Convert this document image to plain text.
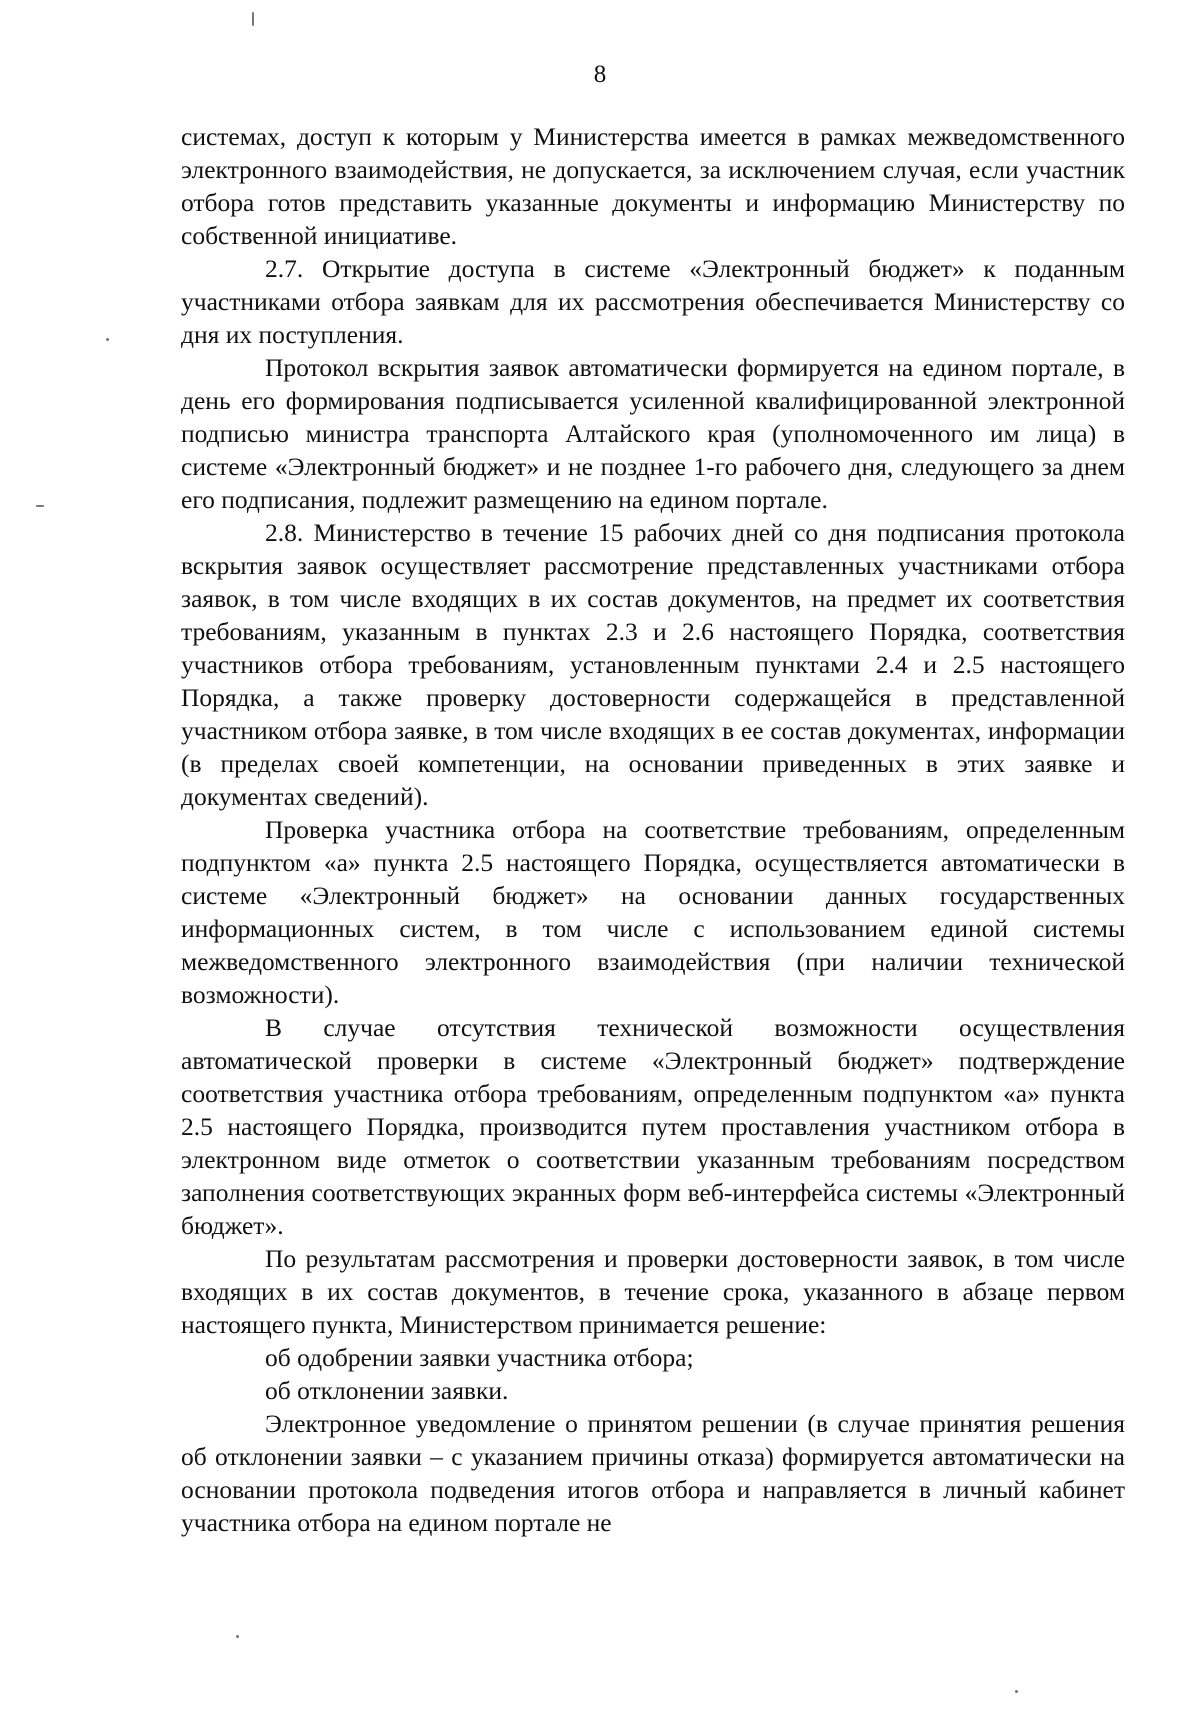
8

системах, доступ к которым у Министерства имеется в рамках межведомственного электронного взаимодействия, не допускается, за исключением случая, если участник отбора готов представить указанные документы и информацию Министерству по собственной инициативе.

2.7. Открытие доступа в системе «Электронный бюджет» к поданным участниками отбора заявкам для их рассмотрения обеспечивается Министерству со дня их поступления.

Протокол вскрытия заявок автоматически формируется на едином портале, в день его формирования подписывается усиленной квалифицированной электронной подписью министра транспорта Алтайского края (уполномоченного им лица) в системе «Электронный бюджет» и не позднее 1-го рабочего дня, следующего за днем его подписания, подлежит размещению на едином портале.

2.8. Министерство в течение 15 рабочих дней со дня подписания протокола вскрытия заявок осуществляет рассмотрение представленных участниками отбора заявок, в том числе входящих в их состав документов, на предмет их соответствия требованиям, указанным в пунктах 2.3 и 2.6 настоящего Порядка, соответствия участников отбора требованиям, установленным пунктами 2.4 и 2.5 настоящего Порядка, а также проверку достоверности содержащейся в представленной участником отбора заявке, в том числе входящих в ее состав документах, информации (в пределах своей компетенции, на основании приведенных в этих заявке и документах сведений).

Проверка участника отбора на соответствие требованиям, определенным подпунктом «а» пункта 2.5 настоящего Порядка, осуществляется автоматически в системе «Электронный бюджет» на основании данных государственных информационных систем, в том числе с использованием единой системы межведомственного электронного взаимодействия (при наличии технической возможности).

В случае отсутствия технической возможности осуществления автоматической проверки в системе «Электронный бюджет» подтверждение соответствия участника отбора требованиям, определенным подпунктом «а» пункта 2.5 настоящего Порядка, производится путем проставления участником отбора в электронном виде отметок о соответствии указанным требованиям посредством заполнения соответствующих экранных форм веб-интерфейса системы «Электронный бюджет».

По результатам рассмотрения и проверки достоверности заявок, в том числе входящих в их состав документов, в течение срока, указанного в абзаце первом настоящего пункта, Министерством принимается решение:

об одобрении заявки участника отбора;

об отклонении заявки.

Электронное уведомление о принятом решении (в случае принятия решения об отклонении заявки – с указанием причины отказа) формируется автоматически на основании протокола подведения итогов отбора и направляется в личный кабинет участника отбора на едином портале не
